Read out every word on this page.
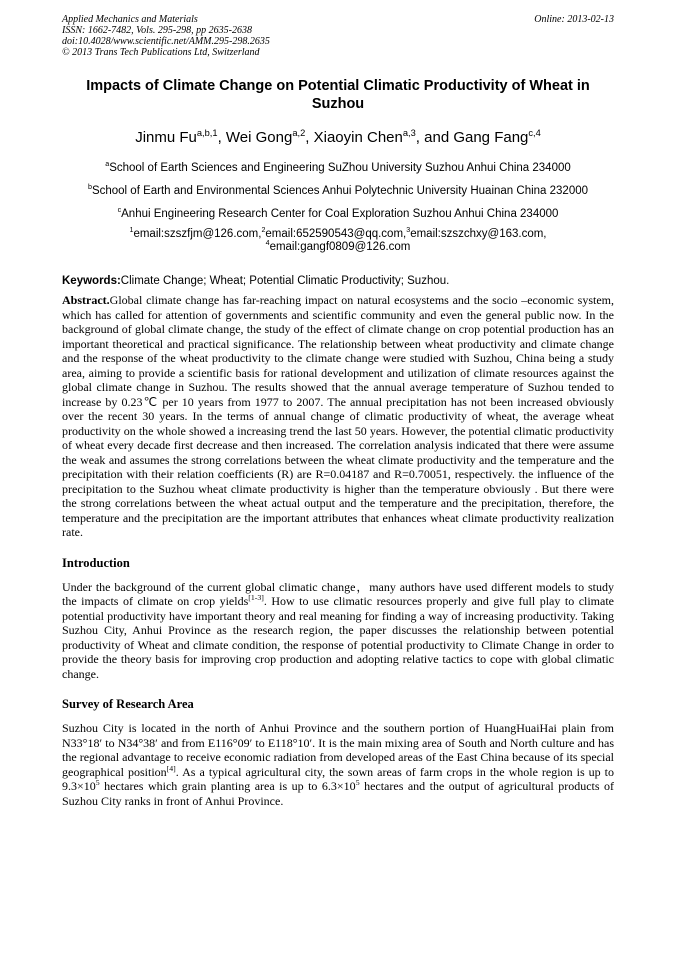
Applied Mechanics and Materials
ISSN: 1662-7482, Vols. 295-298, pp 2635-2638
doi:10.4028/www.scientific.net/AMM.295-298.2635
© 2013 Trans Tech Publications Ltd, Switzerland
Online: 2013-02-13
Impacts of Climate Change on Potential Climatic Productivity of Wheat in Suzhou
Jinmu Fu$^{a,b,1}$, Wei Gong$^{a,2}$, Xiaoyin Chen$^{a,3}$, and Gang Fang$^{c,4}$
$^a$School of Earth Sciences and Engineering SuZhou University Suzhou Anhui China 234000
$^b$School of Earth and Environmental Sciences Anhui Polytechnic University Huainan China 232000
$^c$Anhui Engineering Research Center for Coal Exploration Suzhou Anhui China 234000
$^1$email:szszfjm@126.com,$^2$email:652590543@qq.com,$^3$email:szszchxy@163.com,
$^4$email:gangf0809@126.com
Keywords:Climate Change; Wheat; Potential Climatic Productivity; Suzhou.

Abstract.Global climate change has far-reaching impact on natural ecosystems and the socio –economic system, which has called for attention of governments and scientific community and even the general public now. In the background of global climate change, the study of the effect of climate change on crop potential production has an important theoretical and practical significance. The relationship between wheat productivity and climate change and the response of the wheat productivity to the climate change were studied with Suzhou, China being a study area, aiming to provide a scientific basis for rational development and utilization of climate resources against the global climate change in Suzhou. The results showed that the annual average temperature of Suzhou tended to increase by 0.23℃ per 10 years from 1977 to 2007. The annual precipitation has not been increased obviously over the recent 30 years. In the terms of annual change of climatic productivity of wheat, the average wheat productivity on the whole showed a increasing trend the last 50 years. However, the potential climatic productivity of wheat every decade first decrease and then increased. The correlation analysis indicated that there were assume the weak and assumes the strong correlations between the wheat climate productivity and the temperature and the precipitation with their relation coefficients (R) are R=0.04187 and R=0.70051, respectively. the influence of the precipitation to the Suzhou wheat climate productivity is higher than the temperature obviously . But there were the strong correlations between the wheat actual output and the temperature and the precipitation, therefore, the temperature and the precipitation are the important attributes that enhances wheat climate productivity realization rate.

Introduction

Under the background of the current global climatic change，many authors have used different models to study the impacts of climate on crop yields[1-3]. How to use climatic resources properly and give full play to climate potential productivity have important theory and real meaning for finding a way of increasing productivity. Taking Suzhou City, Anhui Province as the research region, the paper discusses the relationship between potential productivity of Wheat and climate condition, the response of potential productivity to Climate Change in order to provide the theory basis for improving crop production and adopting relative tactics to cope with global climatic change.

Survey of Research Area

Suzhou City is located in the north of Anhui Province and the southern portion of HuangHuaiHai plain from N33°18′ to N34°38′ and from E116°09′ to E118°10′. It is the main mixing area of South and North culture and has the regional advantage to receive economic radiation from developed areas of the East China because of its special geographical position[4]. As a typical agricultural city, the sown areas of farm crops in the whole region is up to $9.3\times 10^5$ hectares which grain planting area is up to $6.3\times 10^5$ hectares and the output of agricultural products of Suzhou City ranks in front of Anhui Province.
